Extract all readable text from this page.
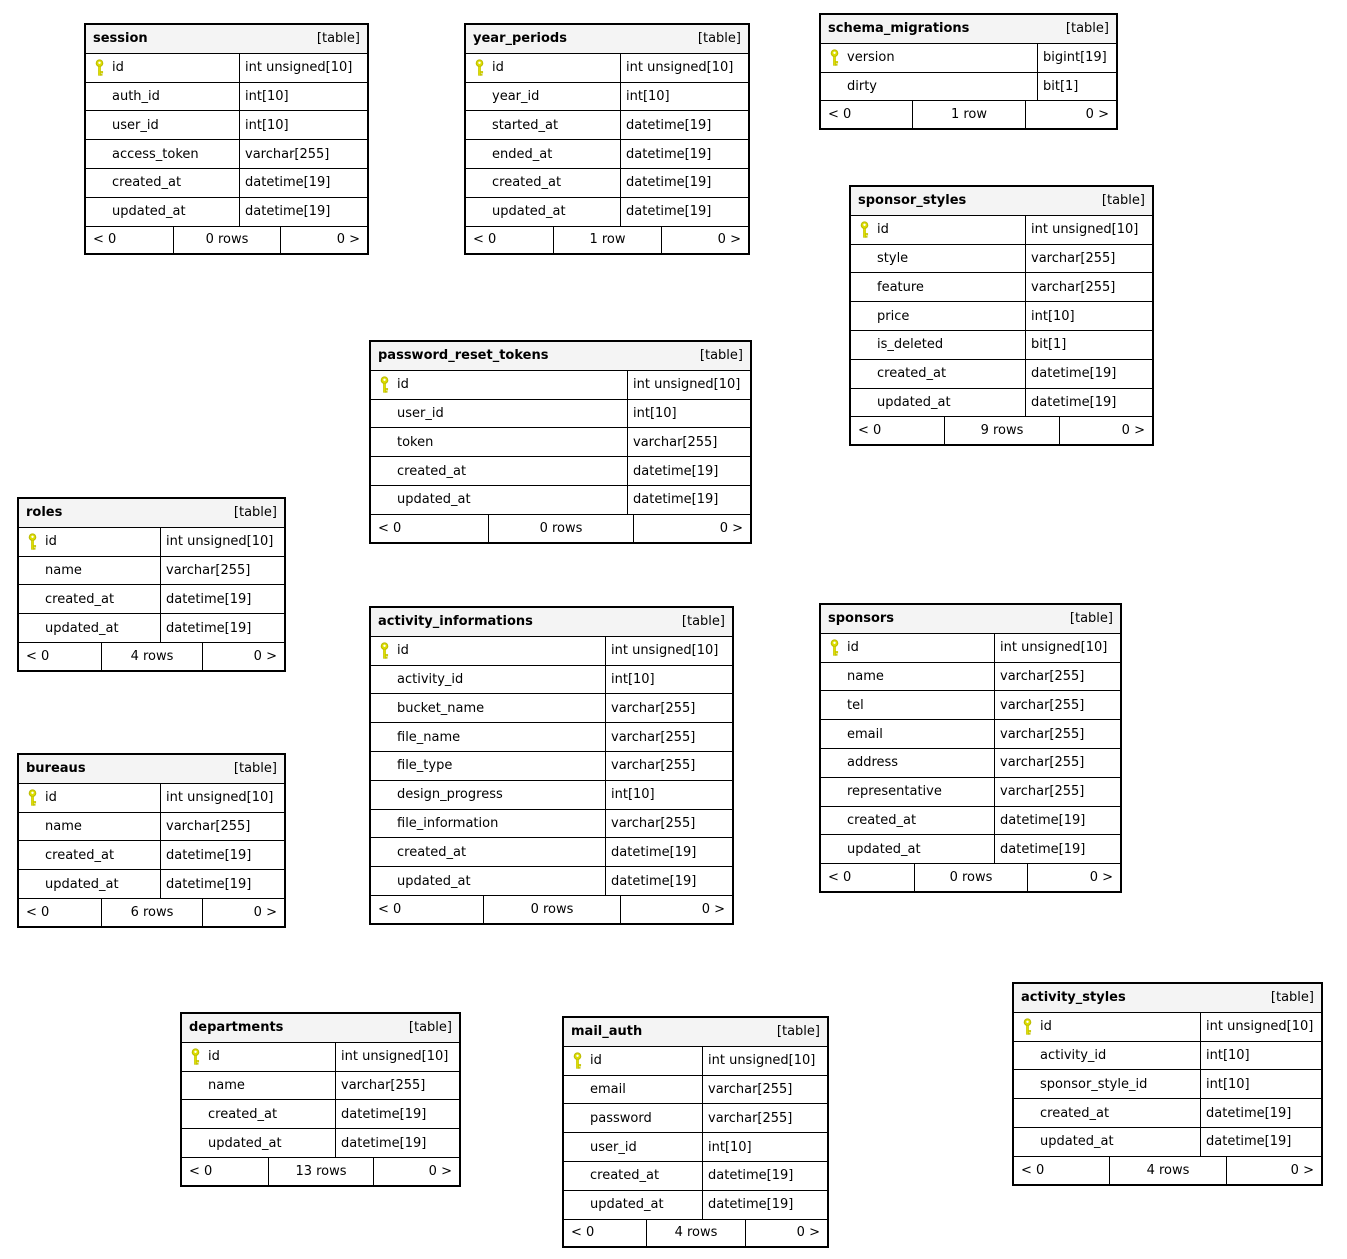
session	[table]
id	int unsigned[10]
auth_id	int[10]
user_id	int[10]
access_token	varchar[255]
created_at	datetime[19]
updated_at	datetime[19]
< 0	0 rows	0 >
year_periods	[table]
id	int unsigned[10]
year_id	int[10]
started_at	datetime[19]
ended_at	datetime[19]
created_at	datetime[19]
updated_at	datetime[19]
< 0	1 row	0 >
schema_migrations	[table]
version	bigint[19]
dirty	bit[1]
< 0	1 row	0 >
sponsor_styles	[table]
id	int unsigned[10]
style	varchar[255]
feature	varchar[255]
price	int[10]
is_deleted	bit[1]
created_at	datetime[19]
updated_at	datetime[19]
< 0	9 rows	0 >
password_reset_tokens	[table]
id	int unsigned[10]
user_id	int[10]
token	varchar[255]
created_at	datetime[19]
updated_at	datetime[19]
< 0	0 rows	0 >
roles	[table]
id	int unsigned[10]
name	varchar[255]
created_at	datetime[19]
updated_at	datetime[19]
< 0	4 rows	0 >
bureaus	[table]
id	int unsigned[10]
name	varchar[255]
created_at	datetime[19]
updated_at	datetime[19]
< 0	6 rows	0 >
activity_informations	[table]
id	int unsigned[10]
activity_id	int[10]
bucket_name	varchar[255]
file_name	varchar[255]
file_type	varchar[255]
design_progress	int[10]
file_information	varchar[255]
created_at	datetime[19]
updated_at	datetime[19]
< 0	0 rows	0 >
sponsors	[table]
id	int unsigned[10]
name	varchar[255]
tel	varchar[255]
email	varchar[255]
address	varchar[255]
representative	varchar[255]
created_at	datetime[19]
updated_at	datetime[19]
< 0	0 rows	0 >
departments	[table]
id	int unsigned[10]
name	varchar[255]
created_at	datetime[19]
updated_at	datetime[19]
< 0	13 rows	0 >
mail_auth	[table]
id	int unsigned[10]
email	varchar[255]
password	varchar[255]
user_id	int[10]
created_at	datetime[19]
updated_at	datetime[19]
< 0	4 rows	0 >
activity_styles	[table]
id	int unsigned[10]
activity_id	int[10]
sponsor_style_id	int[10]
created_at	datetime[19]
updated_at	datetime[19]
< 0	4 rows	0 >
